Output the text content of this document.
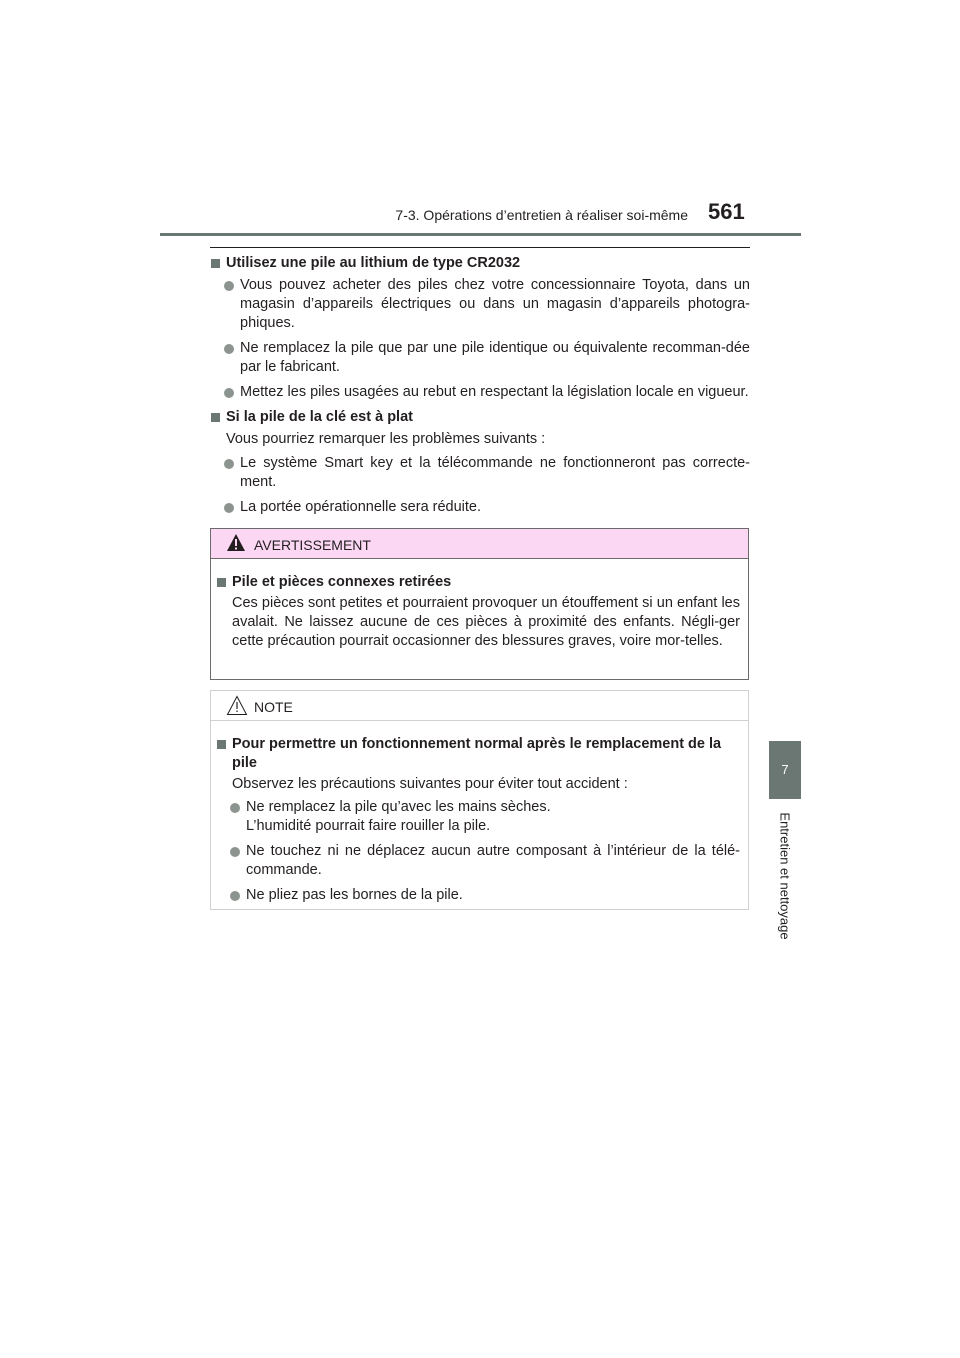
7-3. Opérations d’entretien à réaliser soi-même 561
7
Entretien et nettoyage
Utilisez une pile au lithium de type CR2032
Vous pouvez acheter des piles chez votre concessionnaire Toyota, dans un magasin d’appareils électriques ou dans un magasin d’appareils photogra-phiques.
Ne remplacez la pile que par une pile identique ou équivalente recomman-dée par le fabricant.
Mettez les piles usagées au rebut en respectant la législation locale en vigueur.
Si la pile de la clé est à plat
Vous pourriez remarquer les problèmes suivants :
Le système Smart key et la télécommande ne fonctionneront pas correcte-ment.
La portée opérationnelle sera réduite.
AVERTISSEMENT
Pile et pièces connexes retirées
Ces pièces sont petites et pourraient provoquer un étouffement si un enfant les avalait. Ne laissez aucune de ces pièces à proximité des enfants. Négli-ger cette précaution pourrait occasionner des blessures graves, voire mor-telles.
NOTE
Pour permettre un fonctionnement normal après le remplacement de la pile
Observez les précautions suivantes pour éviter tout accident :
Ne remplacez la pile qu’avec les mains sèches.
L’humidité pourrait faire rouiller la pile.
Ne touchez ni ne déplacez aucun autre composant à l’intérieur de la télé-commande.
Ne pliez pas les bornes de la pile.
